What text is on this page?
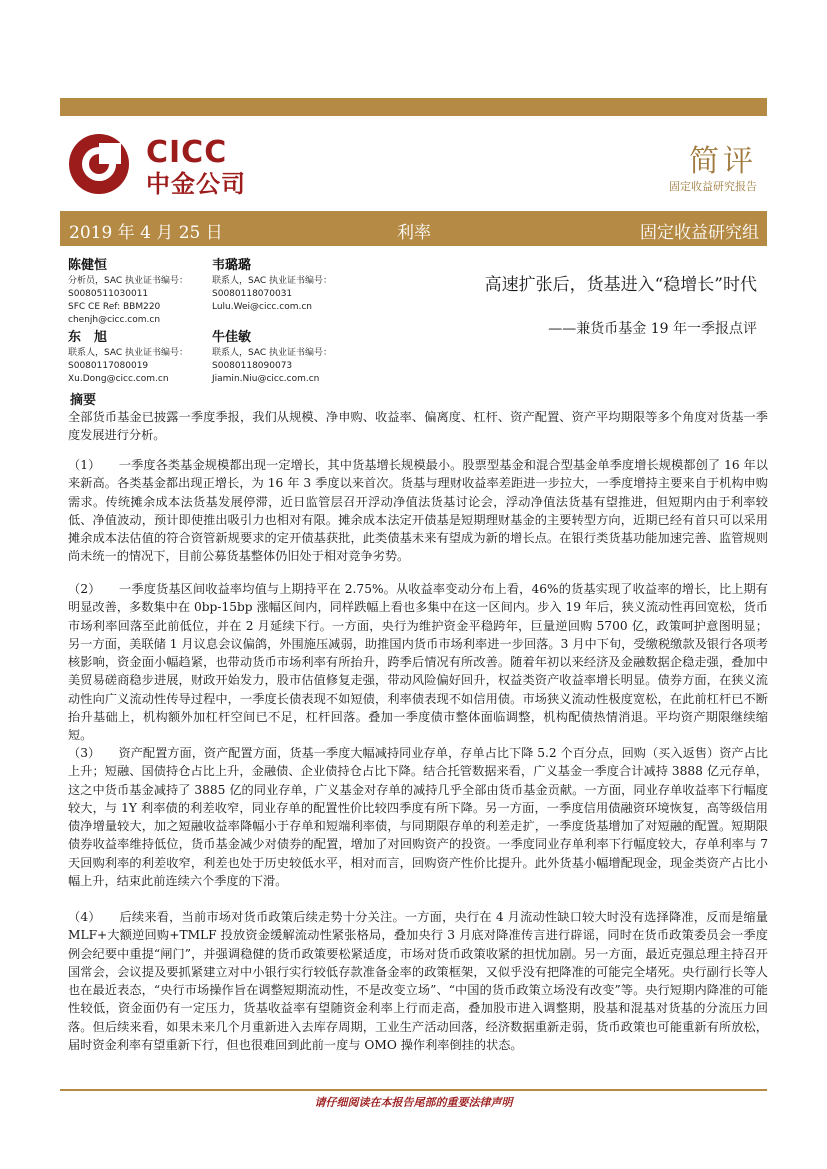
CICC
中金公司
简评
固定收益研究报告
2019 年 4 月 25 日	利率	固定收益研究组
陈健恒
分析员，SAC 执业证书编号：
S0080511030011
SFC CE Ref: BBM220
chenjh@cicc.com.cn
韦璐璐
联系人，SAC 执业证书编号：
S0080118070031
Lulu.Wei@cicc.com.cn
东　旭
联系人，SAC 执业证书编号：
S0080117080019
Xu.Dong@cicc.com.cn
牛佳敏
联系人，SAC 执业证书编号：
S0080118090073
Jiamin.Niu@cicc.com.cn
高速扩张后，货基进入“稳增长”时代
——兼货币基金 19 年一季报点评
摘要

全部货币基金已披露一季度季报，我们从规模、净申购、收益率、偏离度、杠杆、资产配置、资产平均期限等多个角度对货基一季度发展进行分析。

（1）　　一季度各类基金规模都出现一定增长，其中货基增长规模最小。股票型基金和混合型基金单季度增长规模都创了 16 年以来新高。各类基金都出现正增长，为 16 年 3 季度以来首次。货基与理财收益率差距进一步拉大，一季度增持主要来自于机构申购需求。传统摊余成本法货基发展停滞，近日监管层召开浮动净值法货基讨论会，浮动净值法货基有望推进，但短期内由于利率较低、净值波动，预计即使推出吸引力也相对有限。摊余成本法定开债基是短期理财基金的主要转型方向，近期已经有首只可以采用摊余成本法估值的符合资管新规要求的定开债基获批，此类债基未来有望成为新的增长点。在银行类货基功能加速完善、监管规则尚未统一的情况下，目前公募货基整体仍旧处于相对竞争劣势。

（2）　　一季度货基区间收益率均值与上期持平在 2.75%。从收益率变动分布上看，46%的货基实现了收益率的增长，比上期有明显改善，多数集中在 0bp-15bp 涨幅区间内，同样跌幅上看也多集中在这一区间内。步入 19 年后，狭义流动性再回宽松，货币市场利率回落至此前低位，并在 2 月延续下行。一方面，央行为维护资金平稳跨年，巨量逆回购 5700 亿，政策呵护意图明显；另一方面，美联储 1 月议息会议偏鸽，外围施压减弱，助推国内货币市场利率进一步回落。3 月中下旬，受缴税缴款及银行各项考核影响，资金面小幅趋紧，也带动货币市场利率有所抬升，跨季后情况有所改善。随着年初以来经济及金融数据企稳走强，叠加中美贸易磋商稳步进展，财政开始发力，股市估值修复走强，带动风险偏好回升，权益类资产收益率增长明显。债券方面，在狭义流动性向广义流动性传导过程中，一季度长债表现不如短债，利率债表现不如信用债。市场狭义流动性极度宽松，在此前杠杆已不断抬升基础上，机构额外加杠杆空间已不足，杠杆回落。叠加一季度债市整体面临调整，机构配债热情消退。平均资产期限继续缩短。

（3）　　资产配置方面，资产配置方面，货基一季度大幅减持同业存单，存单占比下降 5.2 个百分点，回购（买入返售）资产占比上升；短融、国债持仓占比上升，金融债、企业债持仓占比下降。结合托管数据来看，广义基金一季度合计减持 3888 亿元存单，这之中货币基金减持了 3885 亿的同业存单，广义基金对存单的减持几乎全部由货币基金贡献。一方面，同业存单收益率下行幅度较大，与 1Y 利率债的利差收窄，同业存单的配置性价比较四季度有所下降。另一方面，一季度信用债融资环境恢复，高等级信用债净增量较大，加之短融收益率降幅小于存单和短端利率债，与同期限存单的利差走扩，一季度货基增加了对短融的配置。短期限债券收益率维持低位，货币基金减少对债券的配置，增加了对回购资产的投资。一季度同业存单利率下行幅度较大，存单利率与 7 天回购利率的利差收窄，利差也处于历史较低水平，相对而言，回购资产性价比提升。此外货基小幅增配现金，现金类资产占比小幅上升，结束此前连续六个季度的下滑。

（4）　　后续来看，当前市场对货币政策后续走势十分关注。一方面，央行在 4 月流动性缺口较大时没有选择降准，反而是缩量 MLF+大额逆回购+TMLF 投放资金缓解流动性紧张格局，叠加央行 3 月底对降准传言进行辟谣，同时在货币政策委员会一季度例会纪要中重提“闸门”，并强调稳健的货币政策要松紧适度，市场对货币政策收紧的担忧加剧。另一方面，最近克强总理主持召开国常会，会议提及要抓紧建立对中小银行实行较低存款准备金率的政策框架，又似乎没有把降准的可能完全堵死。央行副行长等人也在最近表态，“央行市场操作旨在调整短期流动性，不是改变立场”、“中国的货币政策立场没有改变”等。央行短期内降准的可能性较低，资金面仍有一定压力，货基收益率有望随资金利率上行而走高，叠加股市进入调整期，股基和混基对货基的分流压力回落。但后续来看，如果未来几个月重新进入去库存周期，工业生产活动回落，经济数据重新走弱，货币政策也可能重新有所放松，届时资金利率有望重新下行，但也很难回到此前一度与 OMO 操作利率倒挂的状态。

请仔细阅读在本报告尾部的重要法律声明
